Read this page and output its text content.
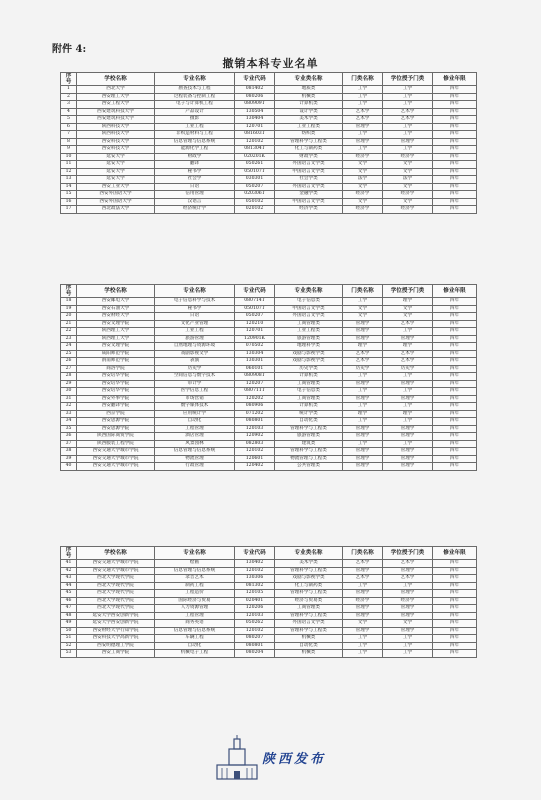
附件 4:
撤销本科专业名单
序
号	学校名称	专业名称	专业代码	专业类名称	门类名称	学位授予门类	修业年限
1	西北大学	勘查技术与工程	081402	地质类	工学	工学	四年
2	西安理工大学	过程装备与控制工程	080206	机械类	工学	工学	四年
3	西安工程大学	电子与计算机工程	080909T	计算机类	工学	工学	四年
4	西安建筑科技大学	产品设计	130504	设计学类	艺术学	艺术学	四年
5	西安建筑科技大学	摄影	130404	美术学类	艺术学	艺术学	四年
6	陕西科技大学	工业工程	120701	工业工程类	管理学	工学	四年
7	陕西科技大学	非织造材料与工程	081603T	纺织类	工学	工学	四年
8	西安科技大学	信息管理与信息系统	120102	管理科学与工程类	管理学	管理学	四年
9	西安科技大学	能源化学工程	081304T	化工与制药类	工学	工学	四年
10	延安大学	财政学	020201K	财政学类	经济学	经济学	四年
11	延安大学	翻译	050261	外国语言文学类	文学	文学	四年
12	延安大学	秘书学	050107T	中国语言文学类	文学	文学	四年
13	延安大学	社会学	030301	社会学类	法学	法学	四年
14	西安工业大学	日语	050207	外国语言文学类	文学	文学	四年
15	西安外国语大学	信用管理	020306T	金融学类	经济学	经济学	四年
16	西安外国语大学	汉语言	050102	中国语言文学类	文学	文学	四年
17	西北政法大学	经济统计学	020102	经济学类	经济学	经济学	四年
序
号	学校名称	专业名称	专业代码	专业类名称	门类名称	学位授予门类	修业年限
18	西安邮电大学	电子信息科学与技术	080714T	电子信息类	工学	理学	四年
19	西安石油大学	秘书学	050107T	中国语言文学类	文学	文学	四年
20	西安财经大学	日语	050207	外国语言文学类	文学	文学	四年
21	西安文理学院	文化产业管理	120210	工商管理类	管理学	艺术学	四年
22	陕西理工大学	工业工程	120701	工业工程类	管理学	工学	四年
23	陕西理工大学	旅游管理	120901K	旅游管理类	管理学	管理学	四年
24	西安文理学院	自然地理与资源环境	070502	地理科学类	理学	理学	四年
25	咸阳师范学院	戏剧影视文学	130304	戏剧与影视学类	艺术学	艺术学	四年
26	渭南师范学院	表演	130301	戏剧与影视学类	艺术学	艺术学	四年
27	商洛学院	历史学	060101	历史学类	历史学	历史学	四年
28	西安培华学院	空间信息与数字技术	080908T	计算机类	工学	工学	四年
29	西安培华学院	审计学	120207	工商管理类	管理学	管理学	四年
30	西安培华学院	医学信息工程	080711T	电子信息类	工学	工学	四年
31	西安外事学院	市场营销	120202	工商管理类	管理学	管理学	四年
32	西安翻译学院	数字媒体技术	080906	计算机类	工学	工学	四年
33	西京学院	应用统计学	071202	统计学类	理学	理学	四年
34	西安思源学院	自动化	080801	自动化类	工学	工学	四年
35	西安思源学院	工程管理	120103	管理科学与工程类	管理学	管理学	四年
36	陕西国际商贸学院	酒店管理	120902	旅游管理类	管理学	管理学	四年
37	陕西服装工程学院	风景园林	082803	建筑类	工学	工学	四年
38	西安交通大学城市学院	信息管理与信息系统	120102	管理科学与工程类	管理学	管理学	四年
39	西安交通大学城市学院	物流管理	120601	物流管理与工程类	管理学	管理学	四年
40	西安交通大学城市学院	行政管理	120402	公共管理类	管理学	管理学	四年
序
号	学校名称	专业名称	专业代码	专业类名称	门类名称	学位授予门类	修业年限
41	西安交通大学城市学院	绘画	130402	美术学类	艺术学	艺术学	四年
42	西安交通大学城市学院	信息管理与信息系统	120102	管理科学与工程类	管理学	管理学	四年
43	西北大学现代学院	录音艺术	130306	戏剧与影视学类	艺术学	艺术学	四年
44	西北大学现代学院	制药工程	081302	化工与制药类	工学	工学	四年
45	西北大学现代学院	工程造价	120105	管理科学与工程类	管理学	管理学	四年
46	西北大学现代学院	国际经济与贸易	020401	经济与贸易类	经济学	经济学	四年
47	西北大学现代学院	人力资源管理	120206	工商管理类	管理学	管理学	四年
48	延安大学西安创新学院	工程管理	120103	管理科学与工程类	管理学	管理学	四年
49	延安大学西安创新学院	商务英语	050262	外国语言文学类	文学	文学	四年
50	西安财经大学行知学院	信息管理与信息系统	120102	管理科学与工程类	管理学	管理学	四年
51	西安科技大学高新学院	车辆工程	080207	机械类	工学	工学	四年
52	西安明德理工学院	自动化	080801	自动化类	工学	工学	四年
53	西安工商学院	机械电子工程	080204	机械类	工学	工学	四年
陕西发布
